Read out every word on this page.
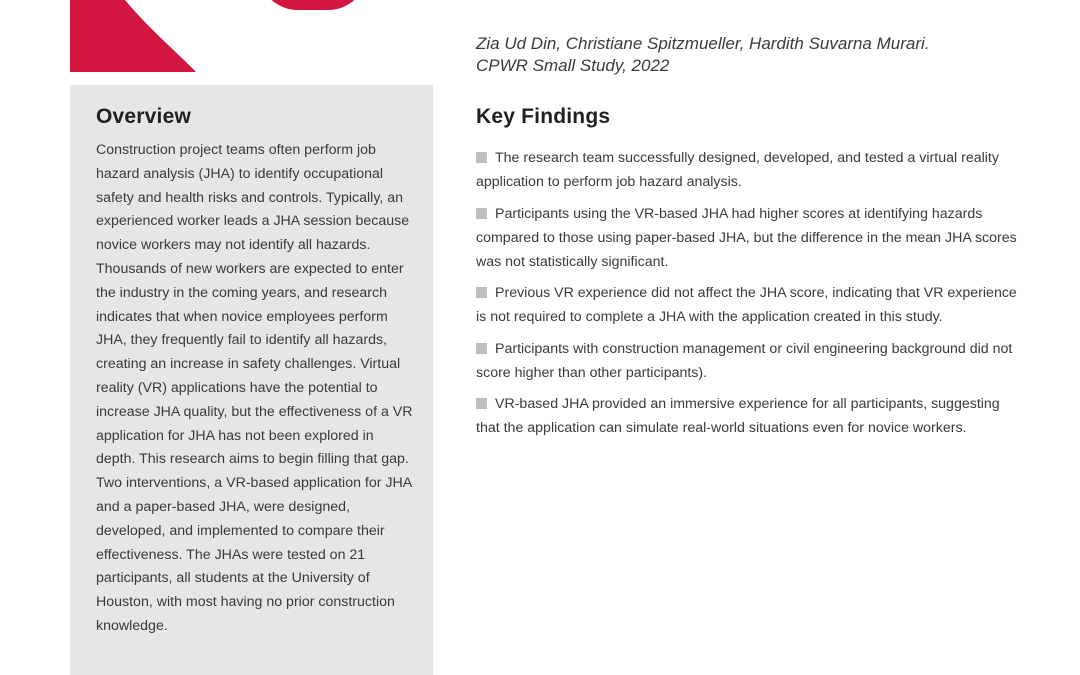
Zia Ud Din, Christiane Spitzmueller, Hardith Suvarna Murari.
CPWR Small Study, 2022
Overview

Construction project teams often perform job hazard analysis (JHA) to identify occupational safety and health risks and controls. Typically, an experienced worker leads a JHA session because novice workers may not identify all hazards. Thousands of new workers are expected to enter the industry in the coming years, and research indicates that when novice employees perform JHA, they frequently fail to identify all hazards, creating an increase in safety challenges. Virtual reality (VR) applications have the potential to increase JHA quality, but the effectiveness of a VR application for JHA has not been explored in depth. This research aims to begin filling that gap. Two interventions, a VR-based application for JHA and a paper-based JHA, were designed, developed, and implemented to compare their effectiveness. The JHAs were tested on 21 participants, all students at the University of Houston, with most having no prior construction knowledge.

Key Findings
The research team successfully designed, developed, and tested a virtual reality application to perform job hazard analysis.
Participants using the VR-based JHA had higher scores at identifying hazards compared to those using paper-based JHA, but the difference in the mean JHA scores was not statistically significant.
Previous VR experience did not affect the JHA score, indicating that VR experience is not required to complete a JHA with the application created in this study.
Participants with construction management or civil engineering background did not score higher than other participants).
VR-based JHA provided an immersive experience for all participants, suggesting that the application can simulate real-world situations even for novice workers.
